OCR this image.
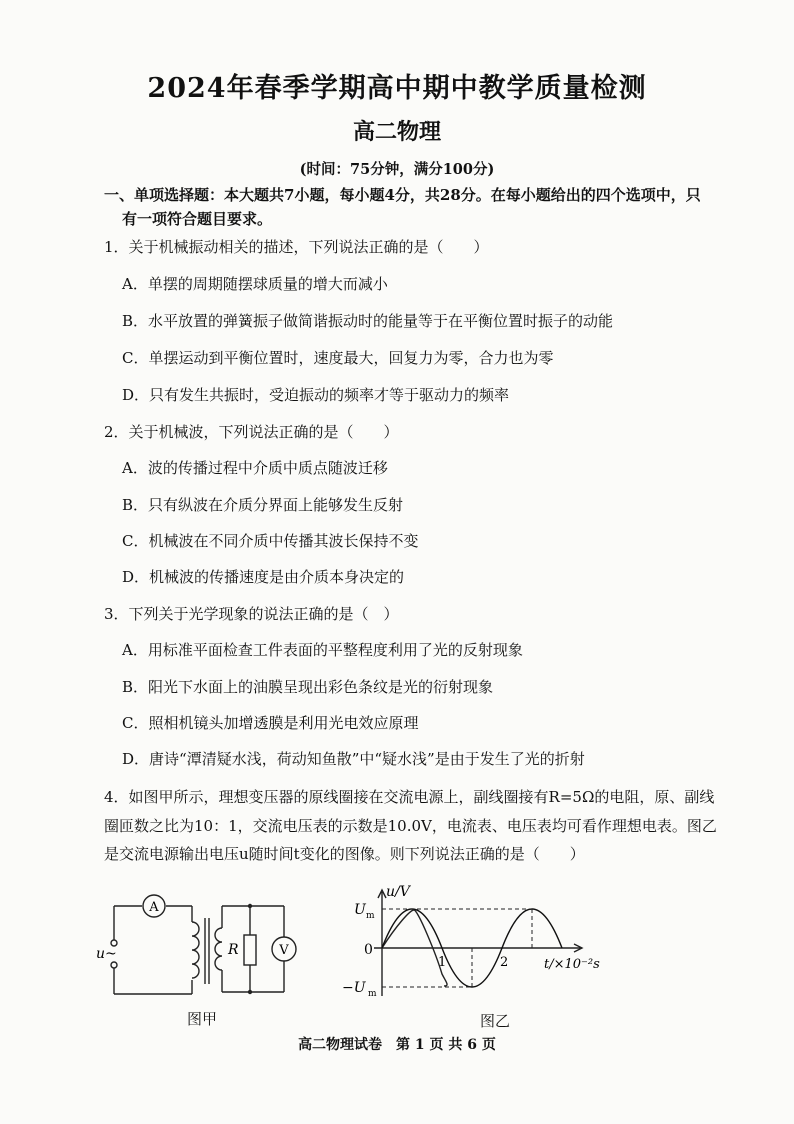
2024年春季学期高中期中教学质量检测
高二物理
(时间：75分钟，满分100分)
一、单项选择题：本大题共7小题，每小题4分，共28分。在每小题给出的四个选项中，只
有一项符合题目要求。
1．关于机械振动相关的描述，下列说法正确的是（　　）
A．单摆的周期随摆球质量的增大而减小
B．水平放置的弹簧振子做简谐振动时的能量等于在平衡位置时振子的动能
C．单摆运动到平衡位置时，速度最大，回复力为零，合力也为零
D．只有发生共振时，受迫振动的频率才等于驱动力的频率
2．关于机械波，下列说法正确的是（　　）
A．波的传播过程中介质中质点随波迁移
B．只有纵波在介质分界面上能够发生反射
C．机械波在不同介质中传播其波长保持不变
D．机械波的传播速度是由介质本身决定的
3．下列关于光学现象的说法正确的是（　）
A．用标准平面检查工件表面的平整程度利用了光的反射现象
B．阳光下水面上的油膜呈现出彩色条纹是光的衍射现象
C．照相机镜头加增透膜是利用光电效应原理
D．唐诗“潭清疑水浅，荷动知鱼散”中“疑水浅”是由于发生了光的折射
4．如图甲所示，理想变压器的原线圈接在交流电源上，副线圈接有R=5Ω的电阻，原、副线
圈匝数之比为10：1，交流电压表的示数是10.0V，电流表、电压表均可看作理想电表。图乙
是交流电源输出电压u随时间t变化的图像。则下列说法正确的是（　　）
A
V
R
u~
图甲
u/V
t/×10⁻²s
U m
0
−U m
1	2
图乙
高二物理试卷　第 1 页 共 6 页
